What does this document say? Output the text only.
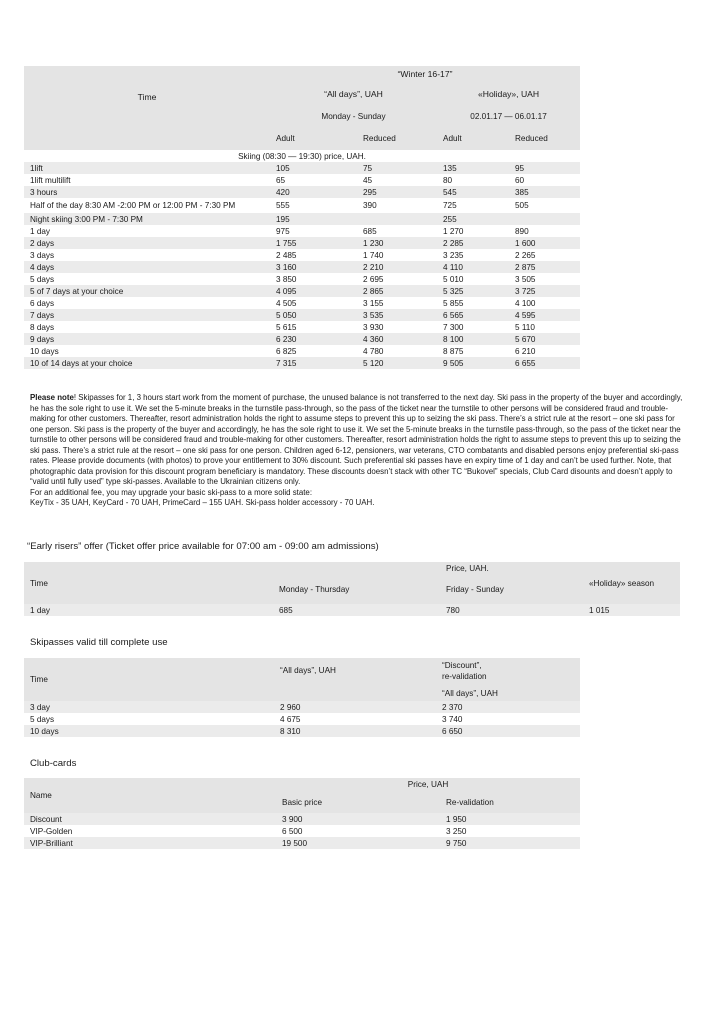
Time	“Winter 16-17”			
	“All days”, UAH		«Holiday», UAH	
	Monday - Sunday		02.01.17 — 06.01.17	
	Adult	Reduced	Adult	Reduced
Skiing (08:30 — 19:30) price, UAH.				
1lift	105	75	135	95
1lift multilift	65	45	80	60
3 hours	420	295	545	385
Half of the day 8:30 AM -2:00 PM or 12:00 PM - 7:30 PM	555	390	725	505
Night skiing 3:00 PM - 7:30 PM	195		255	
1 day	975	685	1 270	890
2 days	1 755	1 230	2 285	1 600
3 days	2 485	1 740	3 235	2 265
4 days	3 160	2 210	4 110	2 875
5 days	3 850	2 695	5 010	3 505
5 of 7 days at your choice	4 095	2 865	5 325	3 725
6 days	4 505	3 155	5 855	4 100
7 days	5 050	3 535	6 565	4 595
8 days	5 615	3 930	7 300	5 110
9 days	6 230	4 360	8 100	5 670
10 days	6 825	4 780	8 875	6 210
10 of 14 days at your choice	7 315	5 120	9 505	6 655
Please note! Skipasses for 1, 3 hours start work from the moment of purchase, the unused balance is not transferred to the next day. Ski pass in the property of the buyer and accordingly, he has the sole right to use it. We set the 5-minute breaks in the turnstile pass-through, so the pass of the ticket near the turnstile to other persons will be considered fraud and trouble-making for other customers. Thereafter, resort administration holds the right to assume steps to prevent this up to seizing the ski pass. There’s a strict rule at the resort – one ski pass for one person. Ski pass is the property of the buyer and accordingly, he has the sole right to use it. We set the 5-minute breaks in the turnstile pass-through, so the pass of the ticket near the turnstile to other persons will be considered fraud and trouble-making for other customers. Thereafter, resort administration holds the right to assume steps to prevent this up to seizing the ski pass. There’s a strict rule at the resort – one ski pass for one person. Children aged 6-12, pensioners, war veterans, CTO combatants and disabled persons enjoy preferential ski-pass rates. Please provide documents (with photos) to prove your entitlement to 30% discount. Such preferential ski passes have en expiry time of 1 day and can’t be used further. Note, that photographic data provision for this discount program beneficiary is mandatory. These discounts doesn’t stack with other TC “Bukovel” specials, Club Card disounts and doesn’t apply to “valid until fully used” type ski-passes. Available to the Ukrainian citizens only.
For an additional fee, you may upgrade your basic ski-pass to a more solid state:
KeyTix - 35 UAH, KeyCard - 70 UAH, PrimeCard – 155 UAH. Ski-pass holder accessory - 70 UAH.
“Early risers” offer (Ticket offer price available for 07:00 am - 09:00 am admissions)
Time		Price, UAH.	«Holiday» season
	Monday - Thursday	Friday - Sunday	
1 day	685	780	1 015
Skipasses valid till complete use
Time	“All days”, UAH	“Discount”,
re-validation
“All days”, UAH

3 day	2 960	2 370
5 days	4 675	3 740
10 days	8 310	6 650
Club-cards
Name	Price, UAH	
	Basic price	Re-validation
Discount	3 900	1 950
VIP-Golden	6 500	3 250
VIP-Brilliant	19 500	9 750
